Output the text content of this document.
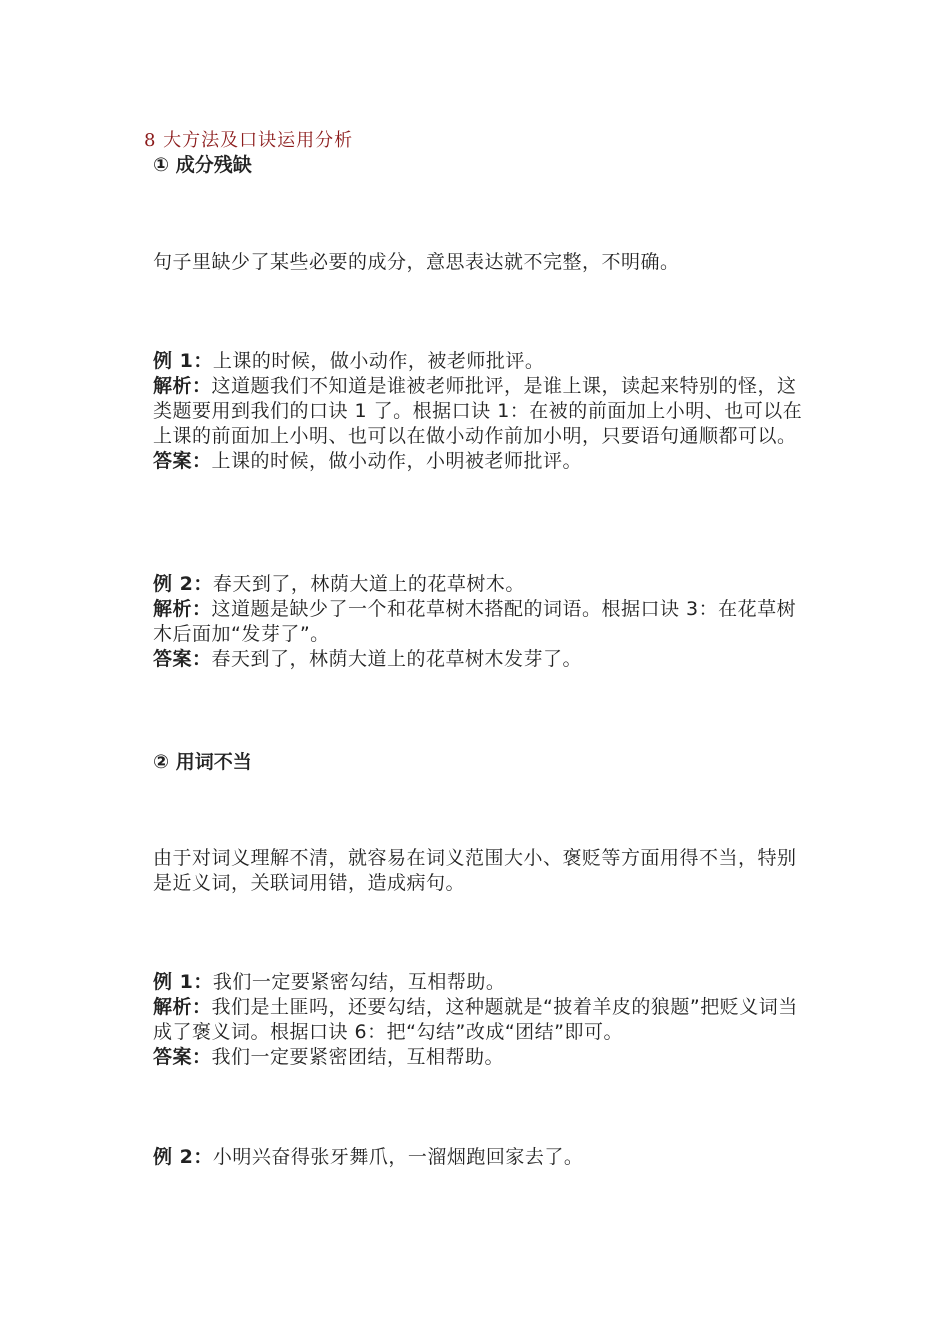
8 大方法及口诀运用分析
① 成分残缺

句子里缺少了某些必要的成分，意思表达就不完整，不明确。

例 1：上课的时候，做小动作，被老师批评。

解析：这道题我们不知道是谁被老师批评，是谁上课，读起来特别的怪，这类题要用到我们的口诀 1 了。根据口诀 1：在被的前面加上小明、也可以在上课的前面加上小明、也可以在做小动作前加小明，只要语句通顺都可以。

答案：上课的时候，做小动作，小明被老师批评。

例 2：春天到了，林荫大道上的花草树木。

解析：这道题是缺少了一个和花草树木搭配的词语。根据口诀 3：在花草树木后面加“发芽了”。

答案：春天到了，林荫大道上的花草树木发芽了。

② 用词不当

由于对词义理解不清，就容易在词义范围大小、褒贬等方面用得不当，特别是近义词，关联词用错，造成病句。

例 1：我们一定要紧密勾结，互相帮助。

解析：我们是土匪吗，还要勾结，这种题就是“披着羊皮的狼题”把贬义词当成了褒义词。根据口诀 6：把“勾结”改成“团结”即可。

答案：我们一定要紧密团结，互相帮助。

例 2：小明兴奋得张牙舞爪，一溜烟跑回家去了。
